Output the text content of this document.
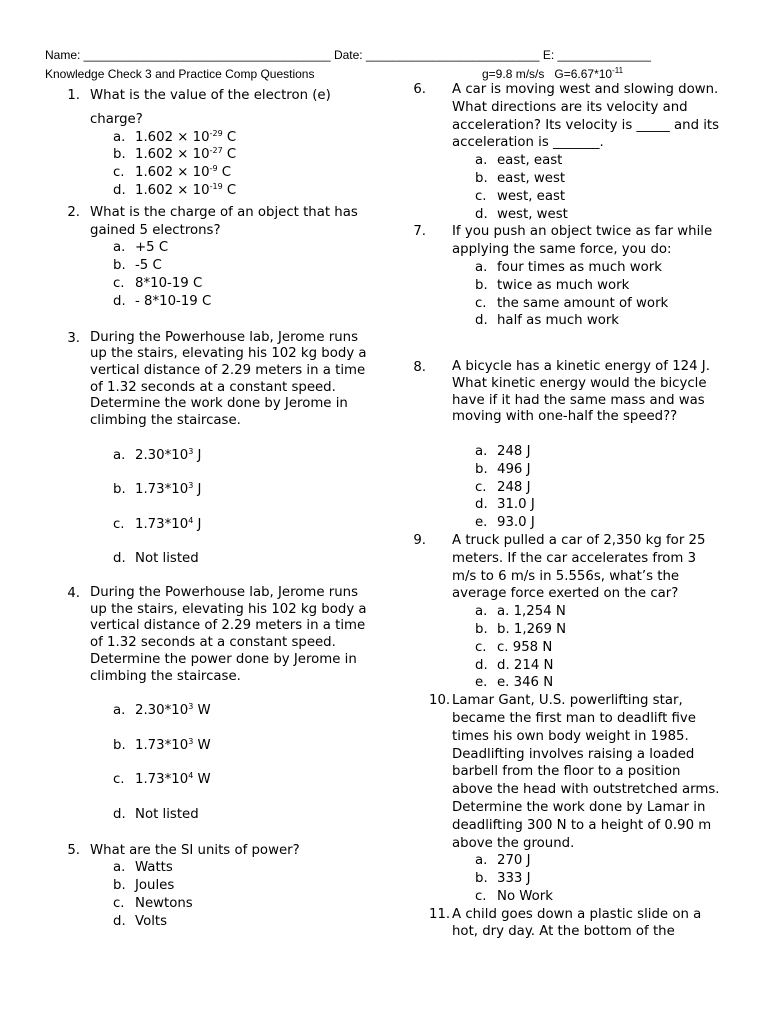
Name: _____________________________________ Date: __________________________ E: ______________
Knowledge Check 3 and Practice Comp Questions	g=9.8 m/s/s $G=6.67*10^{-11}$
1. What is the value of the electron (e)
charge?
a. $1.602 \times 10^{-29}$ C
b. $1.602 \times 10^{-27}$ C
c. $1.602 \times 10^{-9}$ C
d. $1.602 \times 10^{-19}$ C
2. What is the charge of an object that has gained 5 electrons?
a. +5 C
b. -5 C
c. 8*10-19 C
d. - 8*10-19 C
3. During the Powerhouse lab, Jerome runs up the stairs, elevating his 102 kg body a vertical distance of 2.29 meters in a time of 1.32 seconds at a constant speed. Determine the work done by Jerome in climbing the staircase.
a. $2.30*10^3$ J
b. $1.73*10^3$ J
c. $1.73*10^4$ J
d. Not listed
4. During the Powerhouse lab, Jerome runs up the stairs, elevating his 102 kg body a vertical distance of 2.29 meters in a time of 1.32 seconds at a constant speed. Determine the power done by Jerome in climbing the staircase.
a. $2.30*10^3$ W
b. $1.73*10^3$ W
c. $1.73*10^4$ W
d. Not listed
5. What are the SI units of power?
a. Watts
b. Joules
c. Newtons
d. Volts
6. A car is moving west and slowing down. What directions are its velocity and acceleration? Its velocity is _____ and its acceleration is _______.
a. east, east
b. east, west
c. west, east
d. west, west
7. If you push an object twice as far while applying the same force, you do:
a. four times as much work
b. twice as much work
c. the same amount of work
d. half as much work
8. A bicycle has a kinetic energy of 124 J. What kinetic energy would the bicycle have if it had the same mass and was moving with one-half the speed??
a. 248 J
b. 496 J
c. 248 J
d. 31.0 J
e. 93.0 J
9. A truck pulled a car of 2,350 kg for 25 meters. If the car accelerates from 3 m/s to 6 m/s in 5.556s, what’s the average force exerted on the car?
a. a. 1,254 N
b. b. 1,269 N
c. c. 958 N
d. d. 214 N
e. e. 346 N
10. Lamar Gant, U.S. powerlifting star, became the first man to deadlift five times his own body weight in 1985. Deadlifting involves raising a loaded barbell from the floor to a position above the head with outstretched arms. Determine the work done by Lamar in deadlifting 300 N to a height of 0.90 m above the ground.
a. 270 J
b. 333 J
c. No Work
11. A child goes down a plastic slide on a hot, dry day. At the bottom of the
